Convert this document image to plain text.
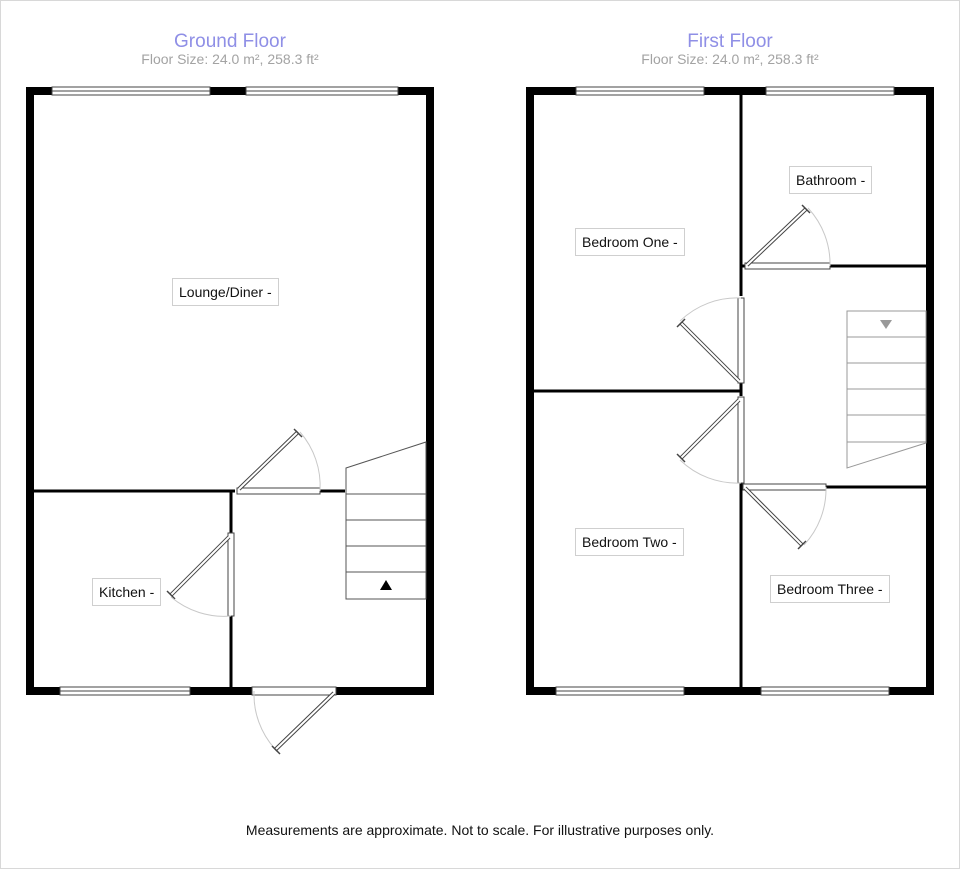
Ground Floor
Floor Size: 24.0 m², 258.3 ft²
First Floor
Floor Size: 24.0 m², 258.3 ft²
Lounge/Diner -
Kitchen -
Bathroom -
Bedroom One -
Bedroom Two -
Bedroom Three -
Measurements are approximate. Not to scale. For illustrative purposes only.
